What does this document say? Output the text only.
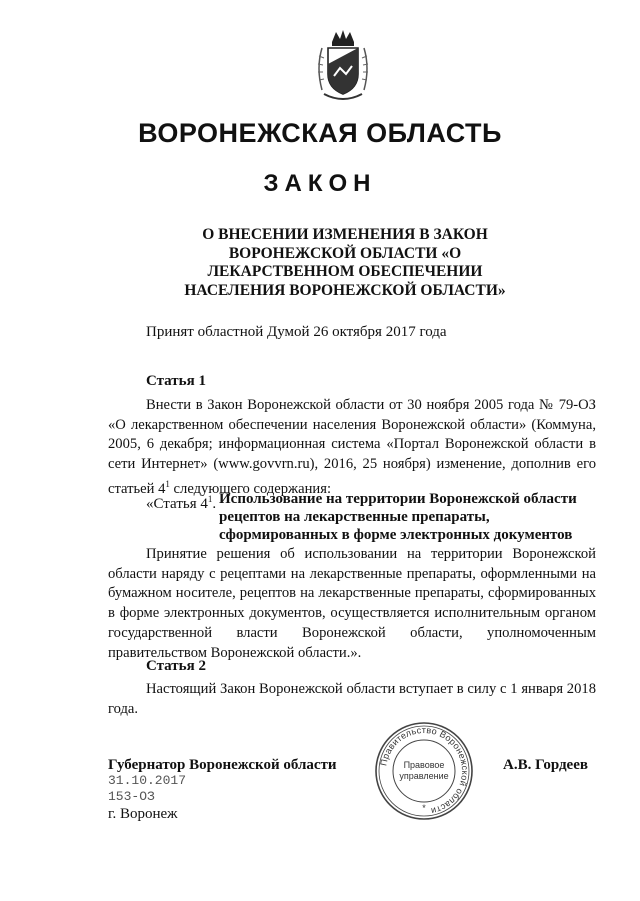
ВОРОНЕЖСКАЯ ОБЛАСТЬ
ЗАКОН
О ВНЕСЕНИИ ИЗМЕНЕНИЯ В ЗАКОН
ВОРОНЕЖСКОЙ ОБЛАСТИ «О
ЛЕКАРСТВЕННОМ ОБЕСПЕЧЕНИИ
НАСЕЛЕНИЯ ВОРОНЕЖСКОЙ ОБЛАСТИ»
Принят областной Думой 26 октября 2017 года
Статья 1
Внести в Закон Воронежской области от 30 ноября 2005 года № 79-ОЗ «О лекарственном обеспечении населения Воронежской области» (Коммуна, 2005, 6 декабря; информационная система «Портал Воронежской области в сети Интернет» (www.govvrn.ru), 2016, 25 ноября) изменение, дополнив его статьей $4^1$ следующего содержания:
«Статья $4^1$. Использование на территории Воронежской области рецептов на лекарственные препараты, сформированных в форме электронных документов
Принятие решения об использовании на территории Воронежской области наряду с рецептами на лекарственные препараты, оформленными на бумажном носителе, рецептов на лекарственные препараты, сформированных в форме электронных документов, осуществляется исполнительным органом государственной власти Воронежской области, уполномоченным правительством Воронежской области.».
Статья 2
Настоящий Закон Воронежской области вступает в силу с 1 января 2018 года.
Губернатор Воронежской области
31.10.2017
153-ОЗ
г. Воронеж
А.В. Гордеев
Правительство Воронежской области
Правовое
управление
*
